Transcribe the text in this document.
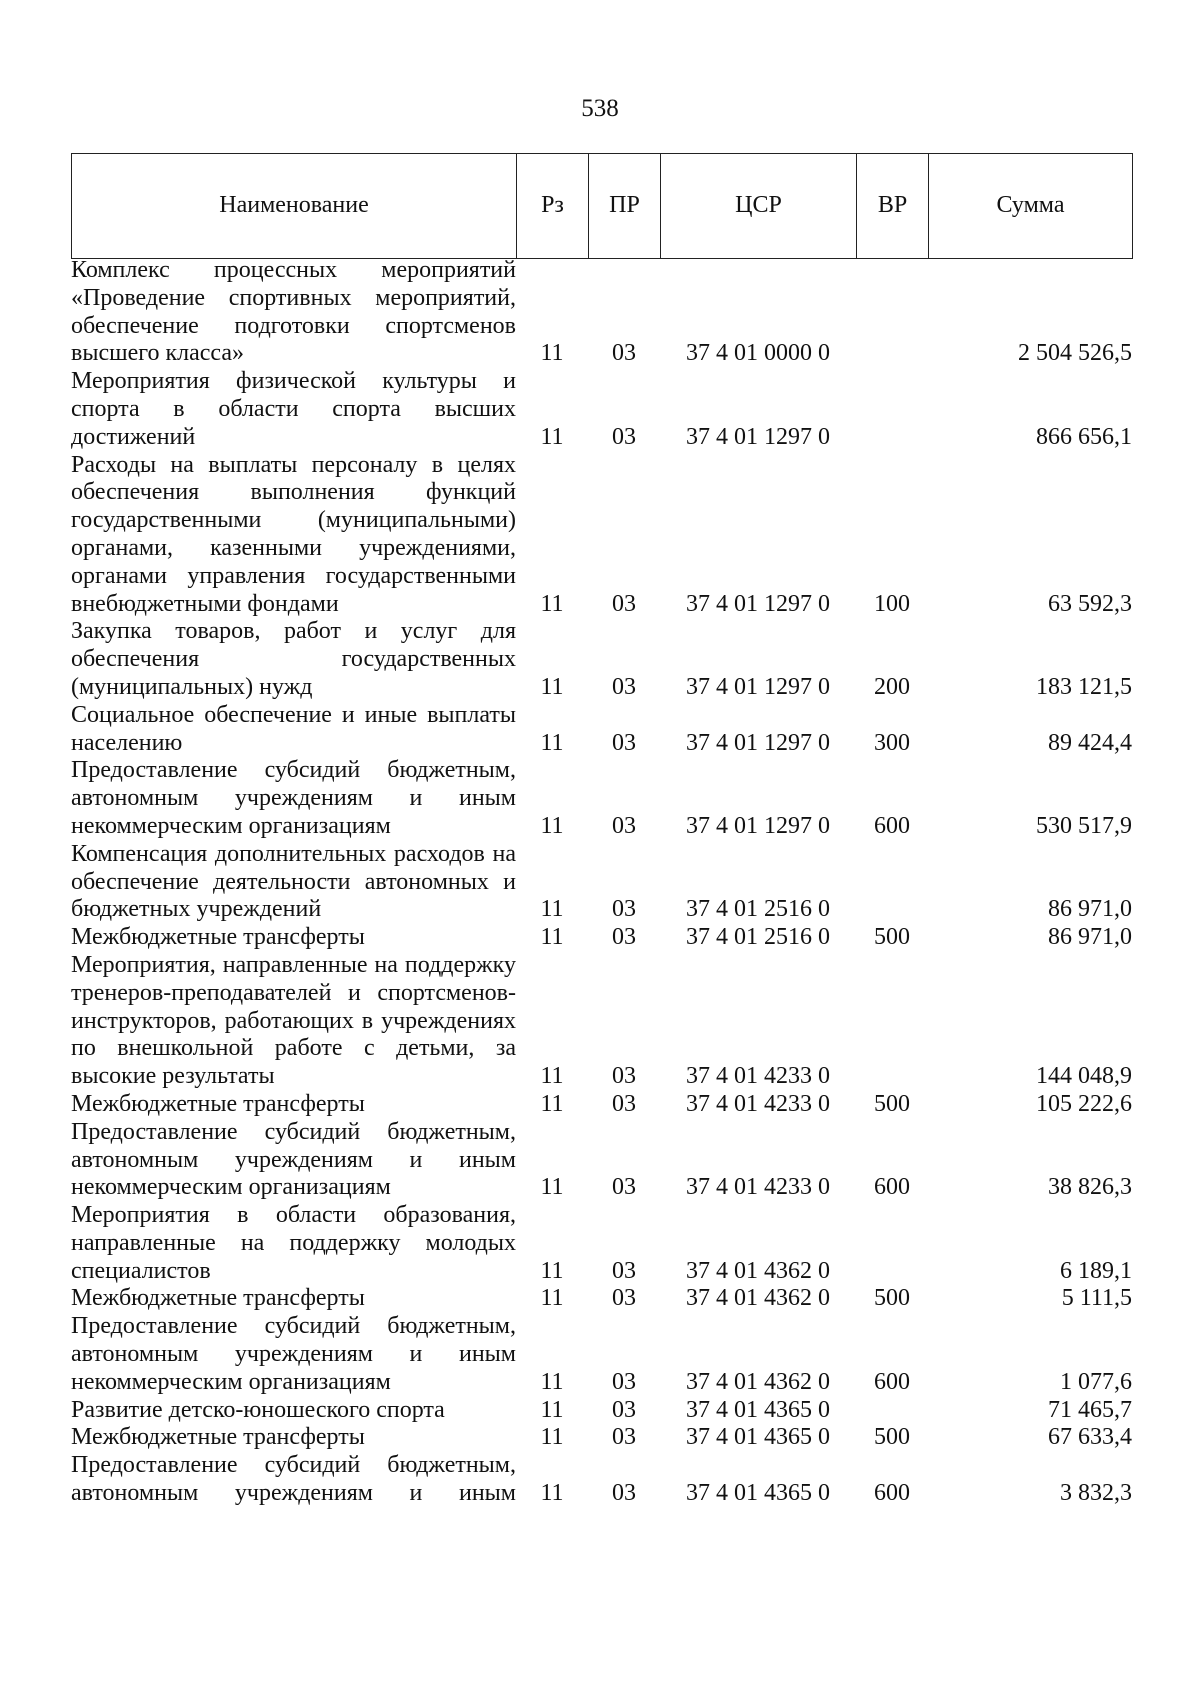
538
Наименование	Рз	ПР	ЦСР	ВР	Сумма
Комплекс процессных мероприятий «Проведение спортивных мероприятий, обеспечение подготовки спортсменов высшего класса»	11	03	37 4 01 0000 0		2 504 526,5

Мероприятия физической культуры и спорта в области спорта высших достижений	11	03	37 4 01 1297 0		866 656,1

Расходы на выплаты персоналу в целях обеспечения выполнения функций государственными (муниципальными) органами, казенными учреждениями, органами управления государственными внебюджетными фондами	11	03	37 4 01 1297 0	100	63 592,3

Закупка товаров, работ и услуг для обеспечения государственных (муниципальных) нужд	11	03	37 4 01 1297 0	200	183 121,5

Социальное обеспечение и иные выплаты населению	11	03	37 4 01 1297 0	300	89 424,4

Предоставление субсидий бюджетным, автономным учреждениям и иным некоммерческим организациям	11	03	37 4 01 1297 0	600	530 517,9

Компенсация дополнительных расходов на обеспечение деятельности автономных и бюджетных учреждений	11	03	37 4 01 2516 0		86 971,0

Межбюджетные трансферты	11	03	37 4 01 2516 0	500	86 971,0

Мероприятия, направленные на поддержку тренеров-преподавателей и спортсменов-инструкторов, работающих в учреждениях по внешкольной работе с детьми, за высокие результаты	11	03	37 4 01 4233 0		144 048,9

Межбюджетные трансферты	11	03	37 4 01 4233 0	500	105 222,6

Предоставление субсидий бюджетным, автономным учреждениям и иным некоммерческим организациям	11	03	37 4 01 4233 0	600	38 826,3

Мероприятия в области образования, направленные на поддержку молодых специалистов	11	03	37 4 01 4362 0		6 189,1

Межбюджетные трансферты	11	03	37 4 01 4362 0	500	5 111,5

Предоставление субсидий бюджетным, автономным учреждениям и иным некоммерческим организациям	11	03	37 4 01 4362 0	600	1 077,6

Развитие детско-юношеского спорта	11	03	37 4 01 4365 0		71 465,7

Межбюджетные трансферты	11	03	37 4 01 4365 0	500	67 633,4

Предоставление субсидий бюджетным, автономным учреждениям и иным	11	03	37 4 01 4365 0	600	3 832,3
